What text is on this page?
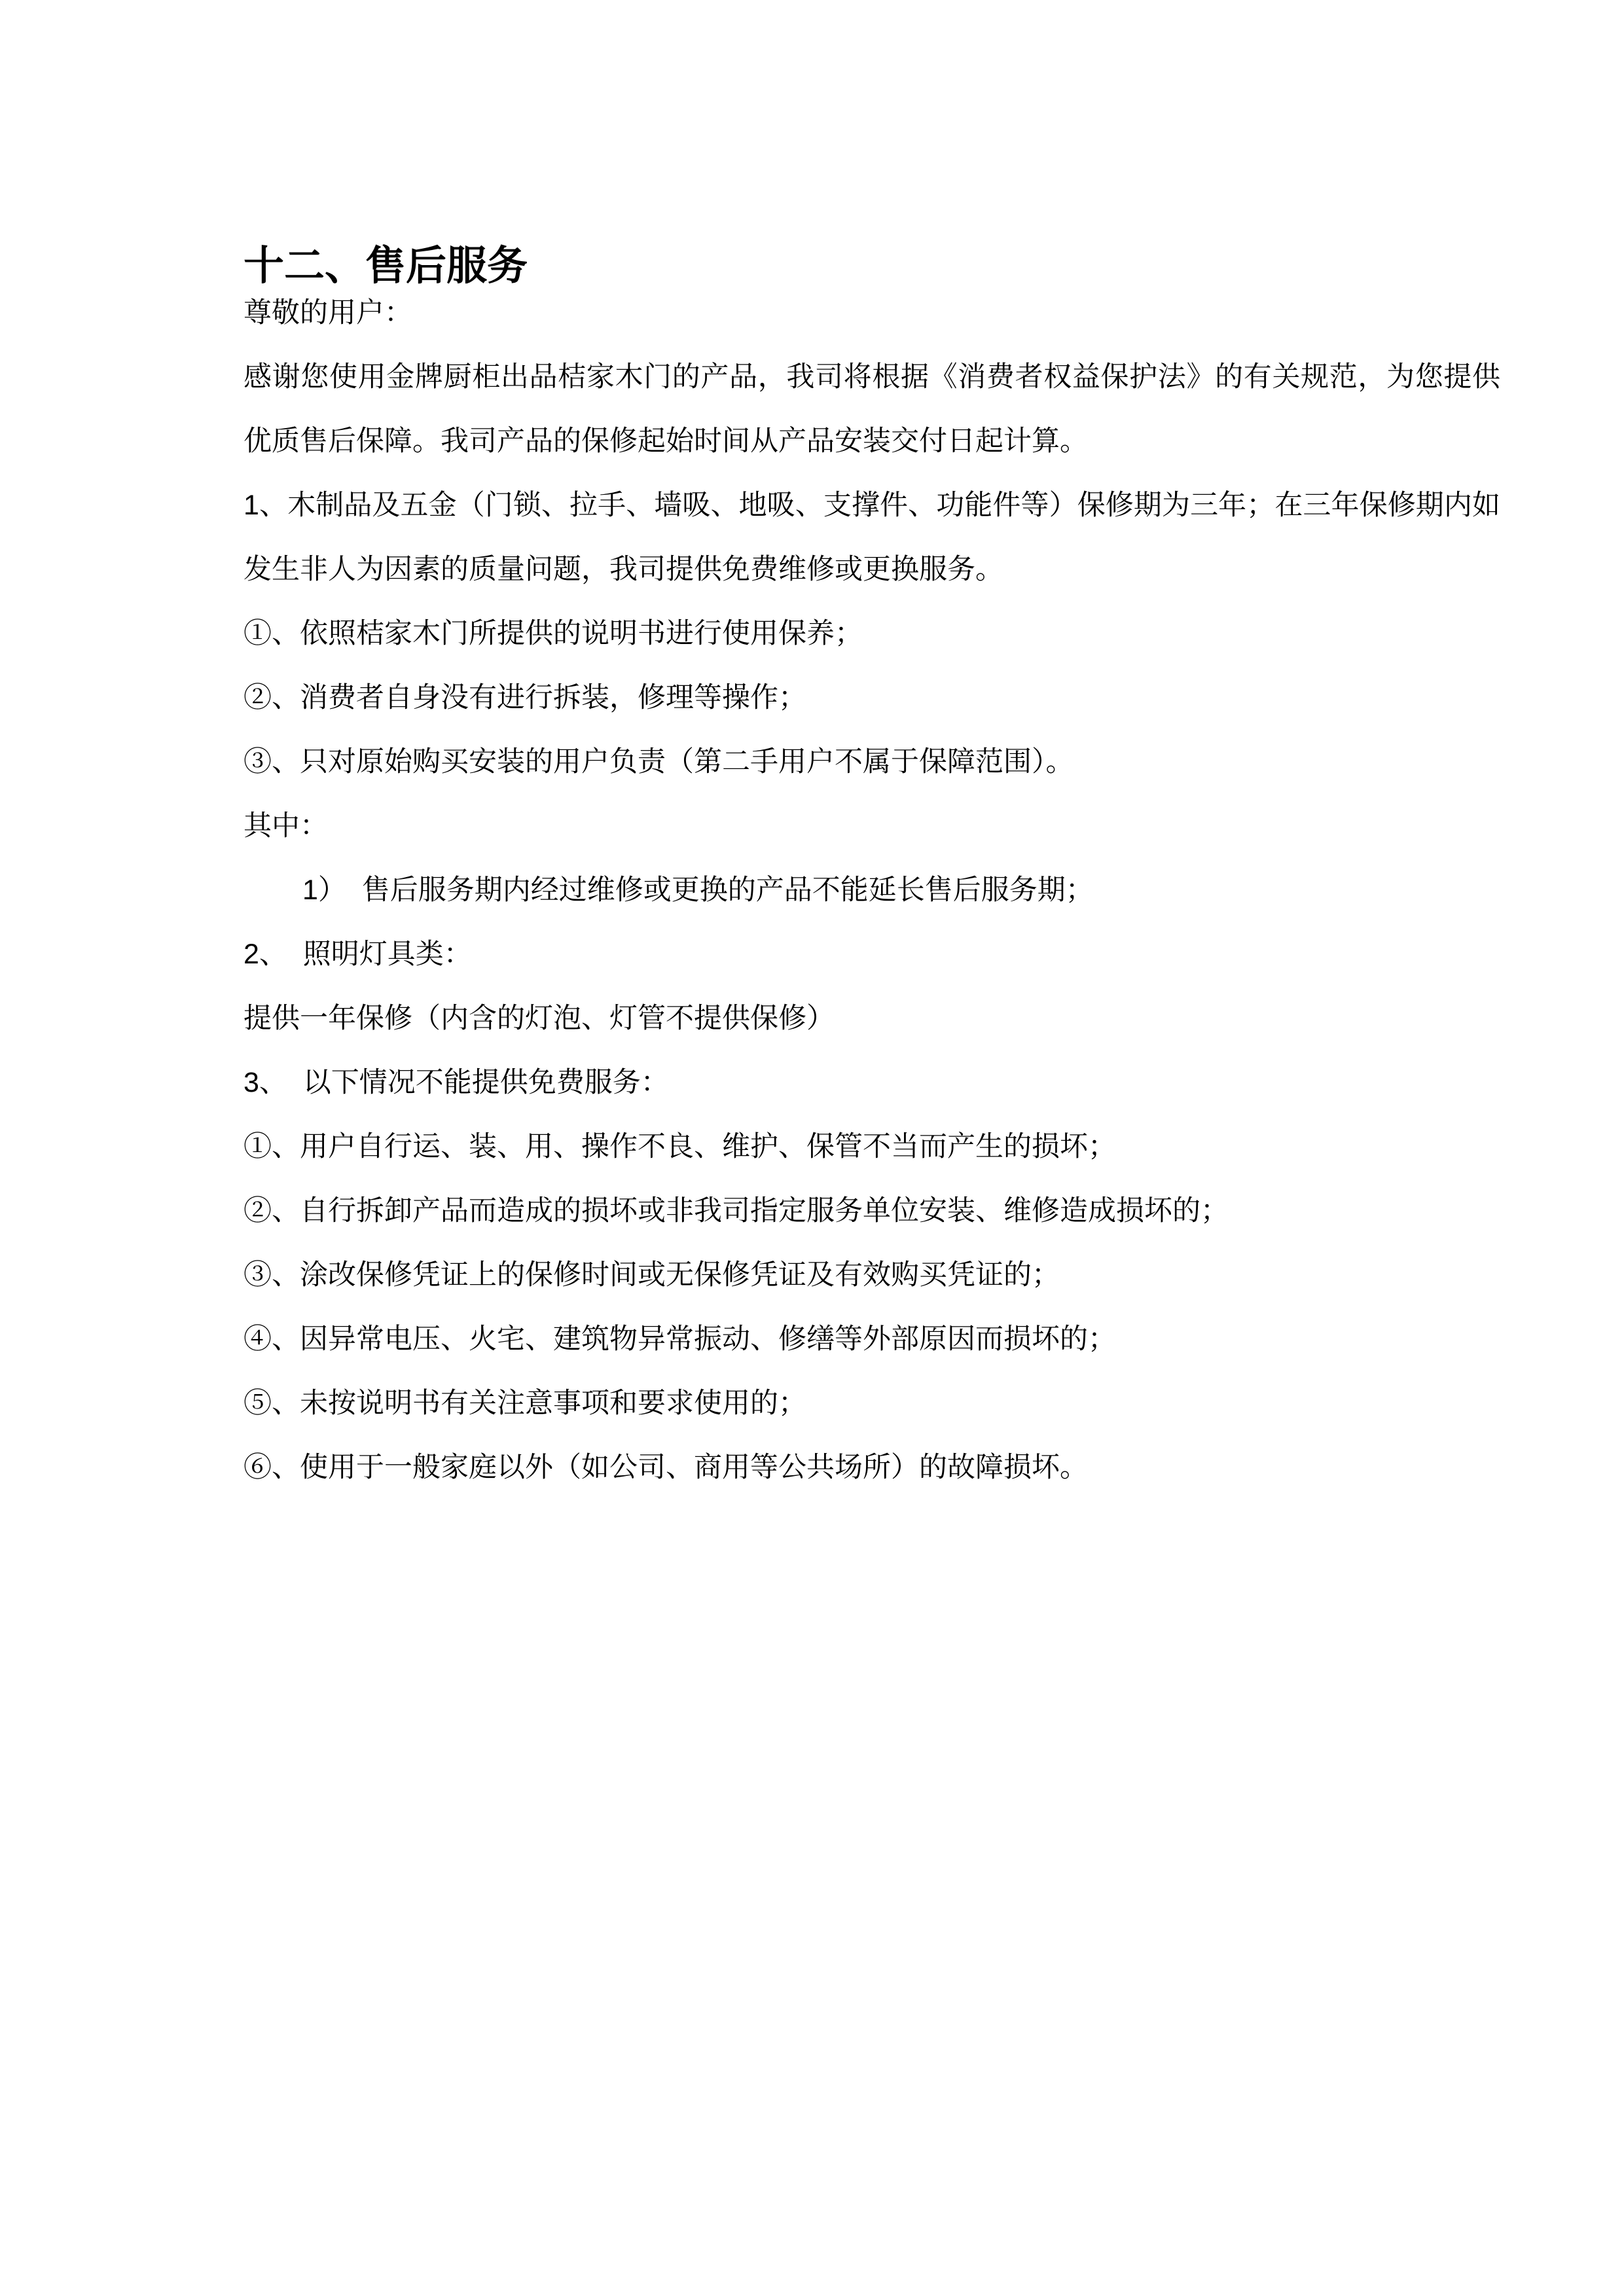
十二、售后服务
尊敬的用户：
感谢您使用金牌厨柜出品桔家木门的产品，我司将根据《消费者权益保护法》的有关规范，为您提供
优质售后保障。我司产品的保修起始时间从产品安装交付日起计算。
1、木制品及五金（门锁、拉手、墙吸、地吸、支撑件、功能件等）保修期为三年；在三年保修期内如
发生非人为因素的质量问题，我司提供免费维修或更换服务。
①、依照桔家木门所提供的说明书进行使用保养；
②、消费者自身没有进行拆装，修理等操作；
③、只对原始购买安装的用户负责（第二手用户不属于保障范围）。
其中：
1）  售后服务期内经过维修或更换的产品不能延长售后服务期；
2、  照明灯具类：
提供一年保修（内含的灯泡、灯管不提供保修）
3、  以下情况不能提供免费服务：
①、用户自行运、装、用、操作不良、维护、保管不当而产生的损坏；
②、自行拆卸产品而造成的损坏或非我司指定服务单位安装、维修造成损坏的；
③、涂改保修凭证上的保修时间或无保修凭证及有效购买凭证的；
④、因异常电压、火宅、建筑物异常振动、修缮等外部原因而损坏的；
⑤、未按说明书有关注意事项和要求使用的；
⑥、使用于一般家庭以外（如公司、商用等公共场所）的故障损坏。
